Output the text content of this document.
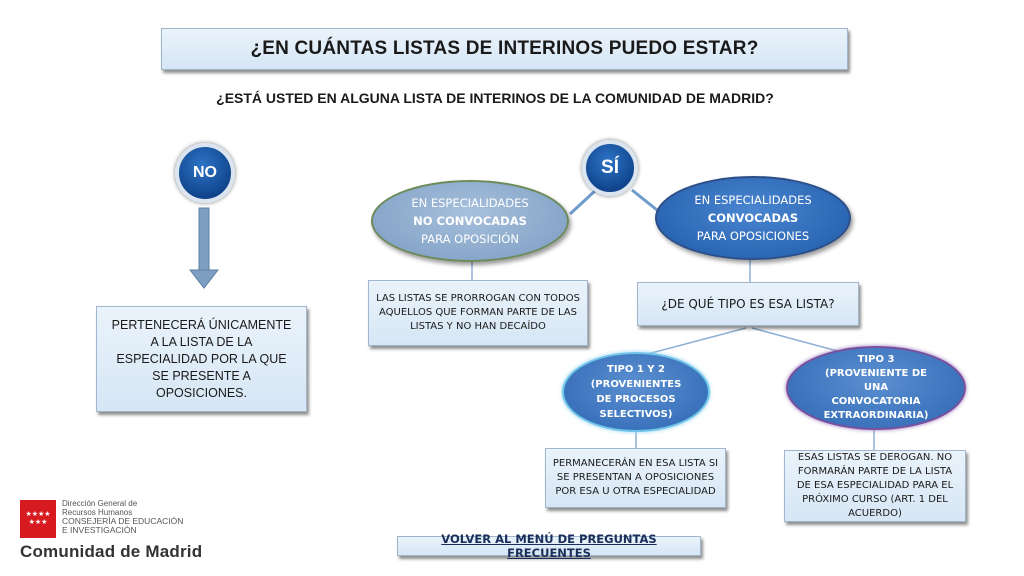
¿EN CUÁNTAS LISTAS DE INTERINOS PUEDO ESTAR?
¿ESTÁ USTED EN ALGUNA LISTA DE INTERINOS DE LA COMUNIDAD DE MADRID?
NO
PERTENECERÁ ÚNICAMENTE A LA LISTA DE LA ESPECIALIDAD POR LA QUE SE PRESENTE A OPOSICIONES.
SÍ
EN ESPECIALIDADES
NO CONVOCADAS
PARA OPOSICIÓN
EN ESPECIALIDADES
CONVOCADAS
PARA OPOSICIONES
LAS LISTAS SE PRORROGAN CON TODOS AQUELLOS QUE FORMAN PARTE DE LAS LISTAS Y NO HAN DECAÍDO
¿DE QUÉ TIPO ES ESA LISTA?
TIPO 1 Y 2
(PROVENIENTES
DE PROCESOS
SELECTIVOS)
TIPO 3
(PROVENIENTE DE
UNA
CONVOCATORIA
EXTRAORDINARIA)
PERMANECERÁN EN ESA LISTA SI SE PRESENTAN A OPOSICIONES POR ESA U OTRA ESPECIALIDAD
ESAS LISTAS SE DEROGAN. NO FORMARÁN PARTE DE LA LISTA DE ESA ESPECIALIDAD PARA EL PRÓXIMO CURSO (ART. 1 DEL ACUERDO)
VOLVER AL MENÚ DE PREGUNTAS FRECUENTES
★★★★
★★★
Dirección General de
Recursos Humanos
CONSEJERÍA DE EDUCACIÓN
E INVESTIGACIÓN
Comunidad de Madrid
